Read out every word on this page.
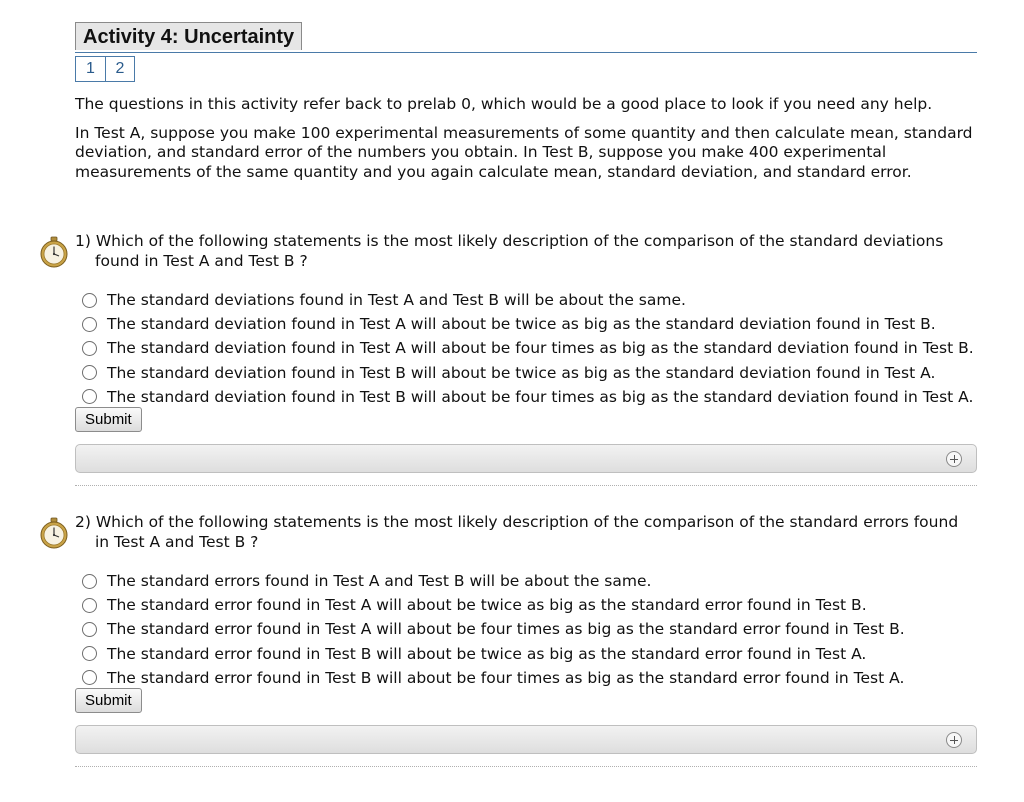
Activity 4: Uncertainty
1	2

The questions in this activity refer back to prelab 0, which would be a good place to look if you need any help.

In Test A, suppose you make 100 experimental measurements of some quantity and then calculate mean, standard deviation, and standard error of the numbers you obtain. In Test B, suppose you make 400 experimental measurements of the same quantity and you again calculate mean, standard deviation, and standard error.

1) Which of the following statements is the most likely description of the comparison of the standard deviations found in Test A and Test B ?

The standard deviations found in Test A and Test B will be about the same.
The standard deviation found in Test A will about be twice as big as the standard deviation found in Test B.
The standard deviation found in Test A will about be four times as big as the standard deviation found in Test B.
The standard deviation found in Test B will about be twice as big as the standard deviation found in Test A.
The standard deviation found in Test B will about be four times as big as the standard deviation found in Test A.
Submit

2) Which of the following statements is the most likely description of the comparison of the standard errors found in Test A and Test B ?

The standard errors found in Test A and Test B will be about the same.
The standard error found in Test A will about be twice as big as the standard error found in Test B.
The standard error found in Test A will about be four times as big as the standard error found in Test B.
The standard error found in Test B will about be twice as big as the standard error found in Test A.
The standard error found in Test B will about be four times as big as the standard error found in Test A.
Submit
